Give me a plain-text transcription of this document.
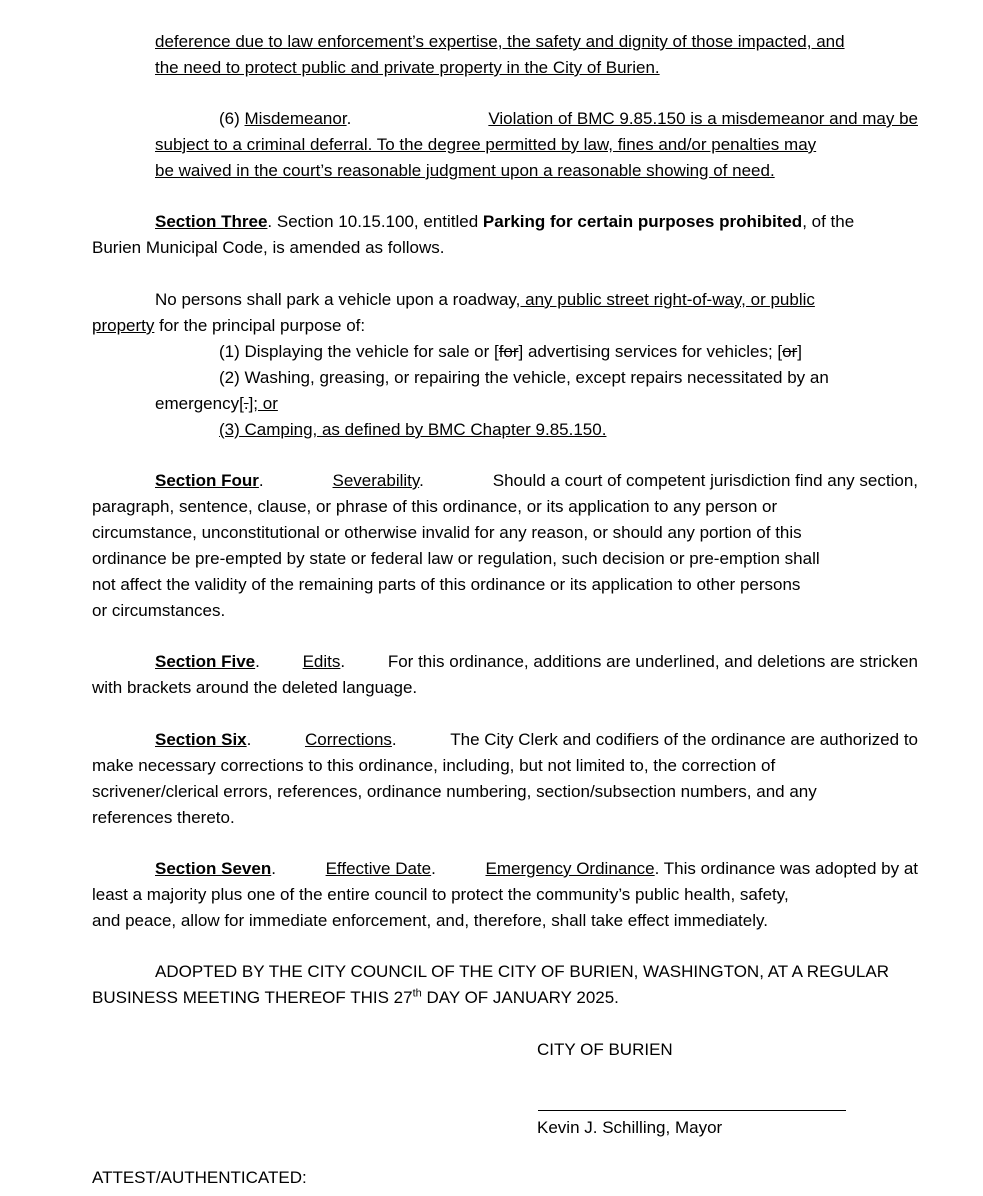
deference due to law enforcement’s expertise, the safety and dignity of those impacted, and
the need to protect public and private property in the City of Burien.
(6) Misdemeanor.	Violation of BMC 9.85.150 is a misdemeanor and may be
subject to a criminal deferral. To the degree permitted by law, fines and/or penalties may
be waived in the court’s reasonable judgment upon a reasonable showing of need.
Section Three. Section 10.15.100, entitled Parking for certain purposes prohibited, of the
Burien Municipal Code, is amended as follows.
No persons shall park a vehicle upon a roadway, any public street right-of-way, or public
property for the principal purpose of:
(1) Displaying the vehicle for sale or [for] advertising services for vehicles; [or]
(2) Washing, greasing, or repairing the vehicle, except repairs necessitated by an
emergency[.]; or
(3) Camping, as defined by BMC Chapter 9.85.150.
Section Four.	Severability.	Should a court of competent jurisdiction find any section,
paragraph, sentence, clause, or phrase of this ordinance, or its application to any person or
circumstance, unconstitutional or otherwise invalid for any reason, or should any portion of this
ordinance be pre-empted by state or federal law or regulation, such decision or pre-emption shall
not affect the validity of the remaining parts of this ordinance or its application to other persons
or circumstances.
Section Five.	Edits.	For this ordinance, additions are underlined, and deletions are stricken
with brackets around the deleted language.
Section Six.	Corrections.	The City Clerk and codifiers of the ordinance are authorized to
make necessary corrections to this ordinance, including, but not limited to, the correction of
scrivener/clerical errors, references, ordinance numbering, section/subsection numbers, and any
references thereto.
Section Seven.	Effective Date.	Emergency Ordinance. This ordinance was adopted by at
least a majority plus one of the entire council to protect the community’s public health, safety,
and peace, allow for immediate enforcement, and, therefore, shall take effect immediately.
ADOPTED BY THE CITY COUNCIL OF THE CITY OF BURIEN, WASHINGTON, AT A REGULAR
BUSINESS MEETING THEREOF THIS 27th DAY OF JANUARY 2025.
CITY OF BURIEN
Kevin J. Schilling, Mayor
ATTEST/AUTHENTICATED:
